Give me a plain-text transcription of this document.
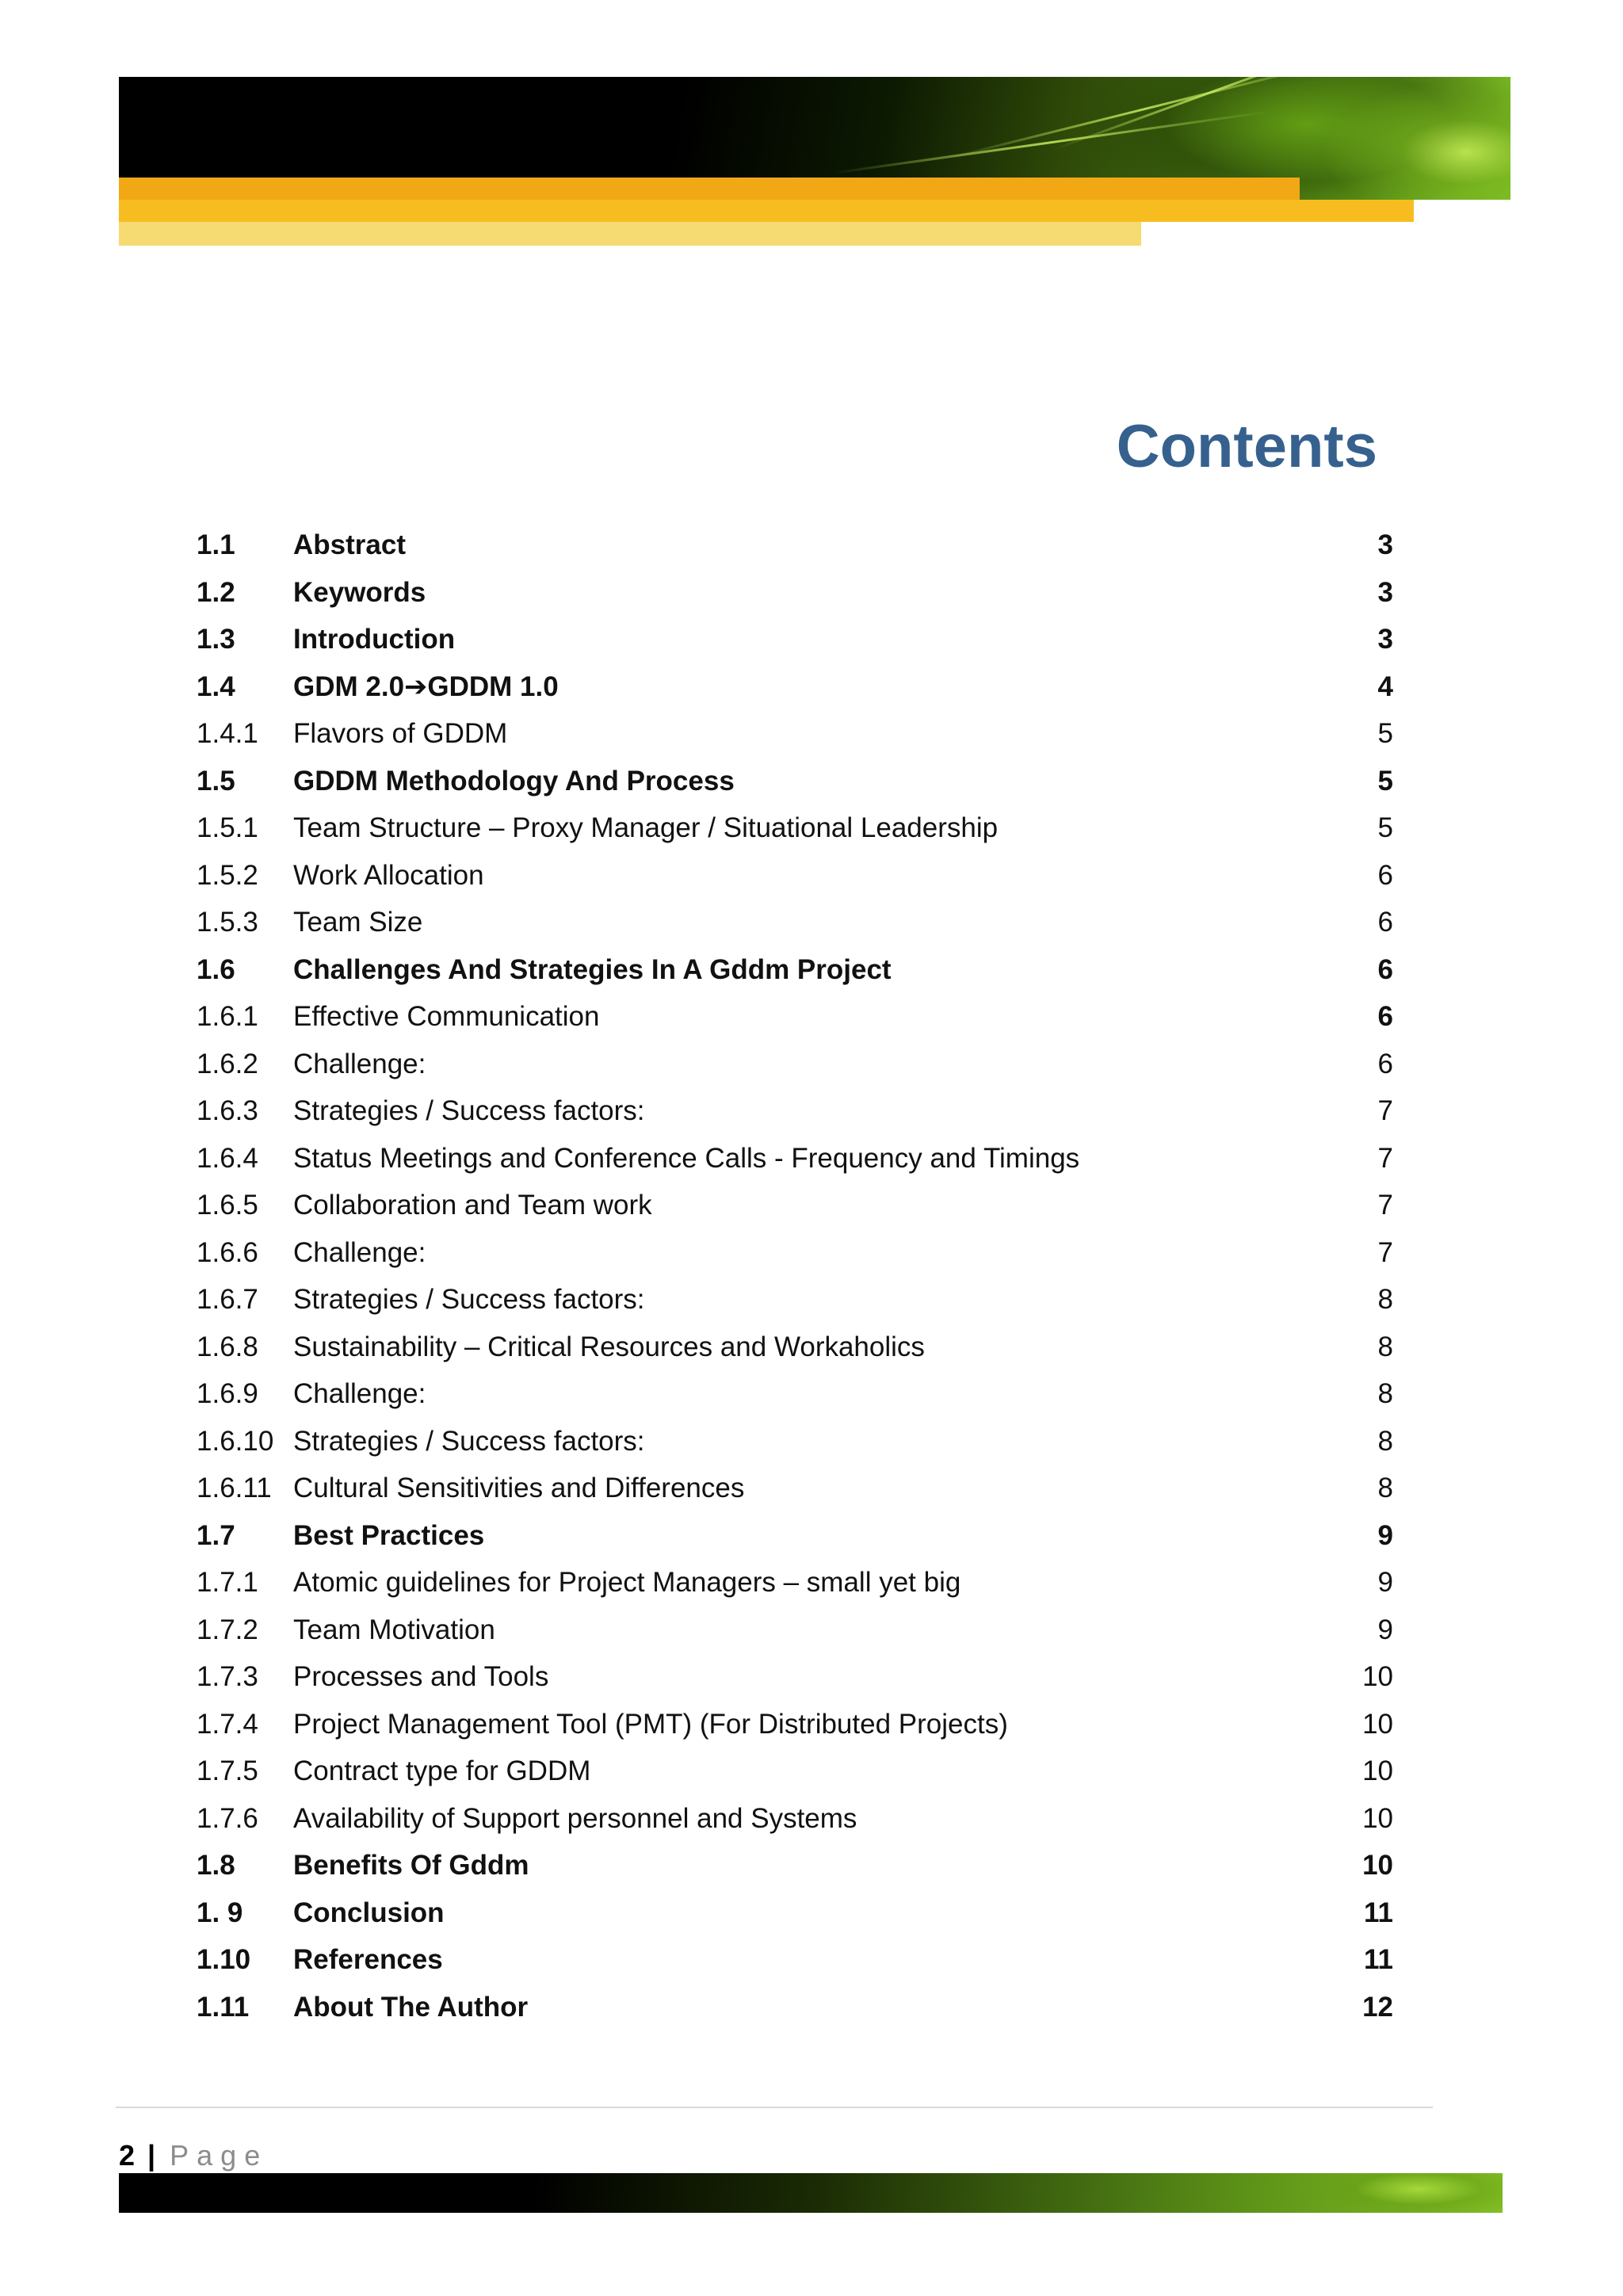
Contents
1.1 Abstract	3
1.2 Keywords	3
1.3 Introduction	3
1.4 GDM 2.0➔GDDM 1.0	4
1.4.1 Flavors of GDDM	5
1.5 GDDM Methodology And Process	5
1.5.1 Team Structure – Proxy Manager / Situational Leadership	5
1.5.2 Work Allocation	6
1.5.3 Team Size	6
1.6 Challenges And Strategies In A Gddm Project	6
1.6.1 Effective Communication	6
1.6.2 Challenge:	6
1.6.3 Strategies / Success factors:	7
1.6.4 Status Meetings and Conference Calls - Frequency and Timings	7
1.6.5 Collaboration and Team work	7
1.6.6 Challenge:	7
1.6.7 Strategies / Success factors:	8
1.6.8 Sustainability – Critical Resources and Workaholics	8
1.6.9 Challenge:	8
1.6.10 Strategies / Success factors:	8
1.6.11 Cultural Sensitivities and Differences	8
1.7 Best Practices	9
1.7.1 Atomic guidelines for Project Managers – small yet big	9
1.7.2 Team Motivation	9
1.7.3 Processes and Tools	10
1.7.4 Project Management Tool (PMT) (For Distributed Projects)	10
1.7.5 Contract type for GDDM	10
1.7.6 Availability of Support personnel and Systems	10
1.8 Benefits Of Gddm	10
1. 9 Conclusion	11
1.10 References	11
1.11 About The Author	12
2 | Page
